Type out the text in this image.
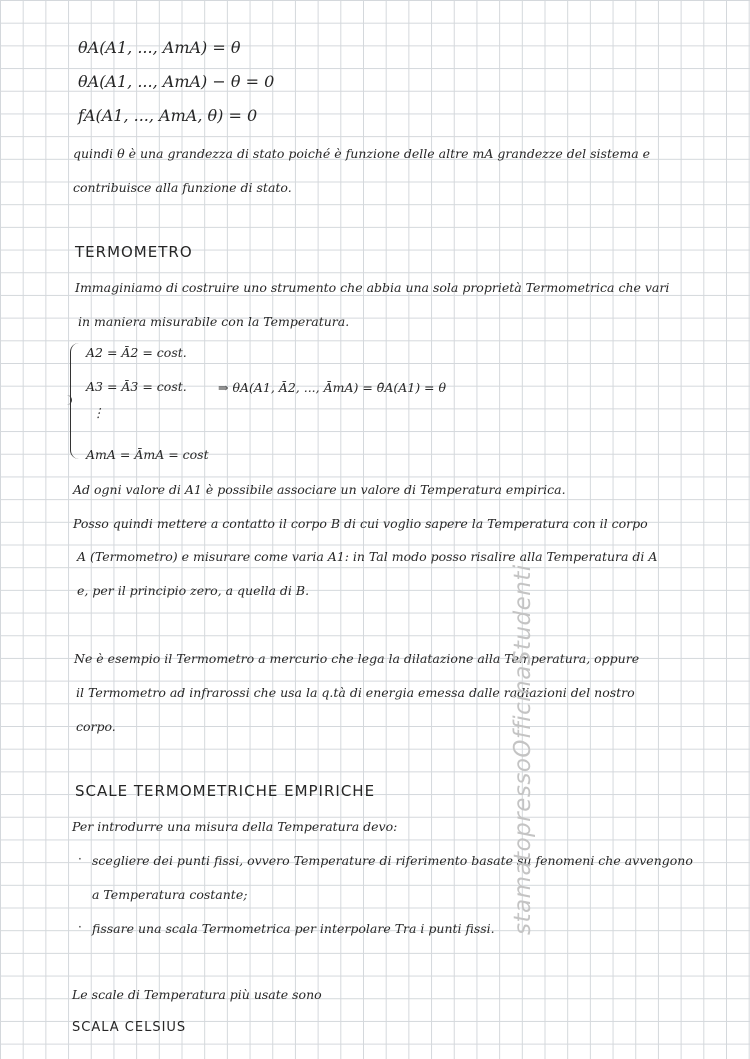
θA(A1, ..., AmA) = θ
θA(A1, ..., AmA) − θ = 0
fA(A1, ..., AmA, θ) = 0
quindi θ è una grandezza di stato poiché è funzione delle altre mA grandezze del sistema e
contribuisce alla funzione di stato.
TERMOMETRO
Immaginiamo di costruire uno strumento che abbia una sola proprietà Termometrica che vari
in maniera misurabile con la Temperatura.
A2 = Ā2 = cost.
A3 = Ā3 = cost.
⋮
AmA = ĀmA = cost
⇒ θA(A1, Ā2, ..., ĀmA) = θ̄A(A1) = θ
Ad ogni valore di A1 è possibile associare un valore di Temperatura empirica.
Posso quindi mettere a contatto il corpo B di cui voglio sapere la Temperatura con il corpo
A (Termometro) e misurare come varia A1: in Tal modo posso risalire alla Temperatura di A
e, per il principio zero, a quella di B.
Ne è esempio il Termometro a mercurio che lega la dilatazione alla Temperatura, oppure
il Termometro ad infrarossi che usa la q.tà di energia emessa dalle radiazioni del nostro
corpo.
SCALE TERMOMETRICHE EMPIRICHE
Per introdurre una misura della Temperatura devo:
· scegliere dei punti fissi, ovvero Temperature di riferimento basate su fenomeni che avvengono
a Temperatura costante;
· fissare una scala Termometrica per interpolare Tra i punti fissi.
Le scale di Temperatura più usate sono
SCALA CELSIUS
stamatopressoOfficinaStudenti
